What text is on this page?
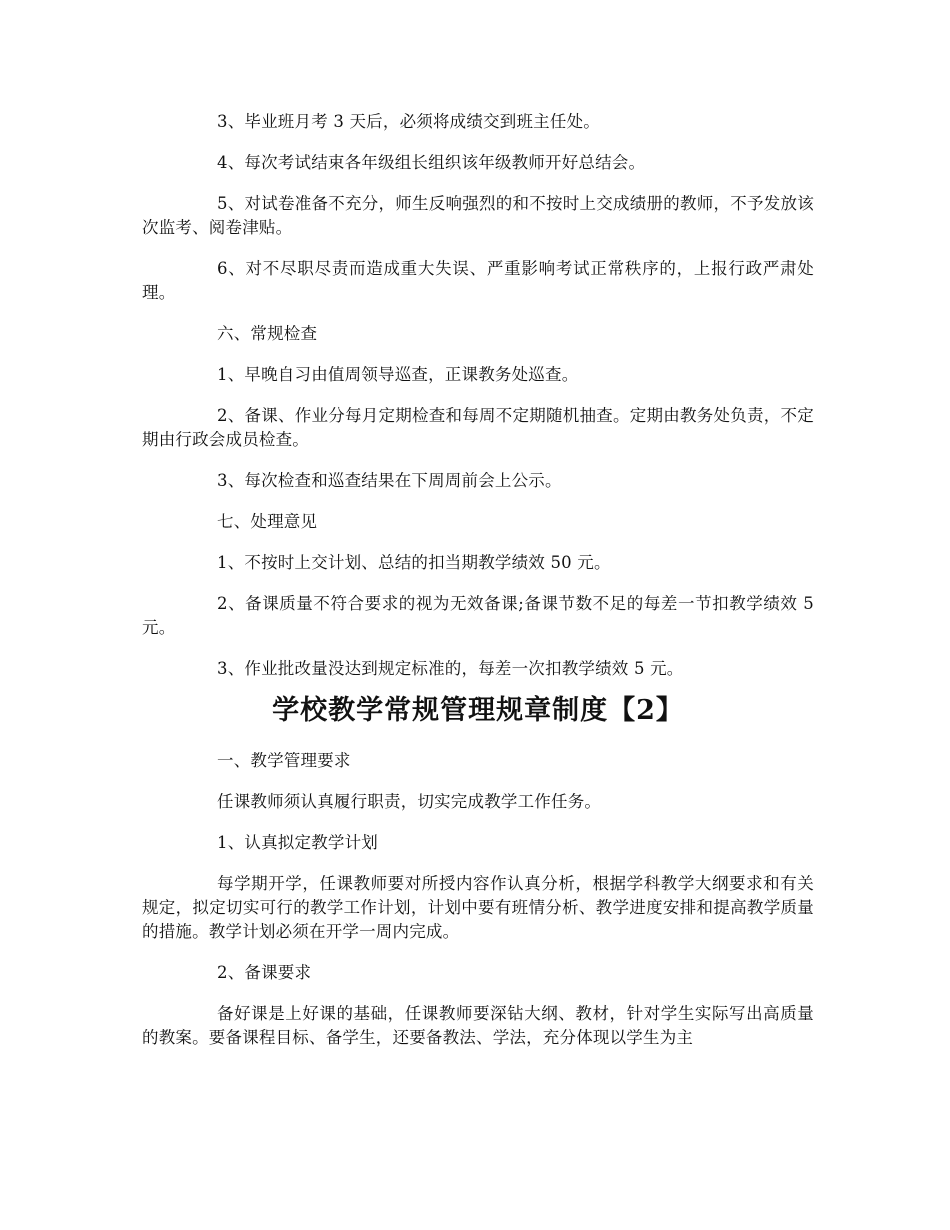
3、毕业班月考 3 天后，必须将成绩交到班主任处。

4、每次考试结束各年级组长组织该年级教师开好总结会。

5、对试卷准备不充分，师生反响强烈的和不按时上交成绩册的教师，不予发放该次监考、阅卷津贴。

6、对不尽职尽责而造成重大失误、严重影响考试正常秩序的，上报行政严肃处理。

六、常规检查

1、早晚自习由值周领导巡查，正课教务处巡查。

2、备课、作业分每月定期检查和每周不定期随机抽查。定期由教务处负责，不定期由行政会成员检查。

3、每次检查和巡查结果在下周周前会上公示。

七、处理意见

1、不按时上交计划、总结的扣当期教学绩效 50 元。

2、备课质量不符合要求的视为无效备课;备课节数不足的每差一节扣教学绩效 5 元。

3、作业批改量没达到规定标准的，每差一次扣教学绩效 5 元。

学校教学常规管理规章制度【2】

一、教学管理要求

任课教师须认真履行职责，切实完成教学工作任务。

1、认真拟定教学计划

每学期开学，任课教师要对所授内容作认真分析，根据学科教学大纲要求和有关规定，拟定切实可行的教学工作计划，计划中要有班情分析、教学进度安排和提高教学质量的措施。教学计划必须在开学一周内完成。

2、备课要求

备好课是上好课的基础，任课教师要深钻大纲、教材，针对学生实际写出高质量的教案。要备课程目标、备学生，还要备教法、学法，充分体现以学生为主
